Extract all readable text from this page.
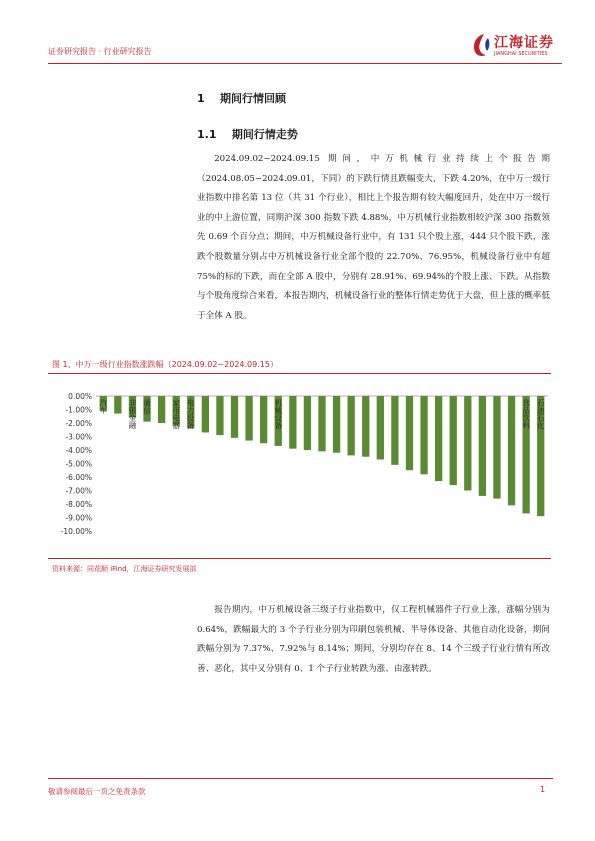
证券研究报告 · 行业研究报告
江海证券
JIANGHAI SECURITIES
1 期间行情回顾
1.1 期间行情走势

2024.09.02~2024.09.15 期间，中万机械行业持续上个报告期（2024.08.05~2024.09.01，下同）的下跌行情且跌幅变大，下跌 4.20%，在中万一级行业指数中排名第 13 位（共 31 个行业），相比上个报告期有较大幅度回升，处在中万一级行业的中上游位置，同期沪深 300 指数下跌 4.88%，中万机械行业指数相较沪深 300 指数领先 0.69 个百分点；期间，中万机械设备行业中，有 131 只个股上涨，444 只个股下跌，涨跌个股数量分别占中万机械设备行业全部个股的 22.70%、76.95%，机械设备行业中有超 75%的标的下跌，而在全部 A 股中，分别有 28.91%、69.94%的个股上涨、下跌。从指数与个股角度综合来看，本报告期内，机械设备行业的整体行情走势优于大盘，但上涨的概率低于全体 A 股。

图 1、中万一级行业指数涨跌幅（2024.09.02~2024.09.15）
0.00%
-1.00%
-2.00%
-3.00%
-4.00%
-5.00%
-6.00%
-7.00%
-8.00%
-9.00%
-10.00%
汽车	非银金融 通信	家用电器 电力设备	机械设备	食品饮料 石油石化
资料来源：同花顺 iFind，江海证券研究发展部

报告期内，中万机械设备三级子行业指数中，仅工程机械器件子行业上涨，涨幅分别为 0.64%，跌幅最大的 3 个子行业分别为印刷包装机械、半导体设备、其他自动化设备，期间跌幅分别为 7.37%、7.92%与 8.14%；期间，分别均存在 8、14 个三级子行业行情有所改善、恶化，其中又分别有 0、1 个子行业转跌为涨、由涨转跌。

敬请参阅最后一页之免责条款	1
